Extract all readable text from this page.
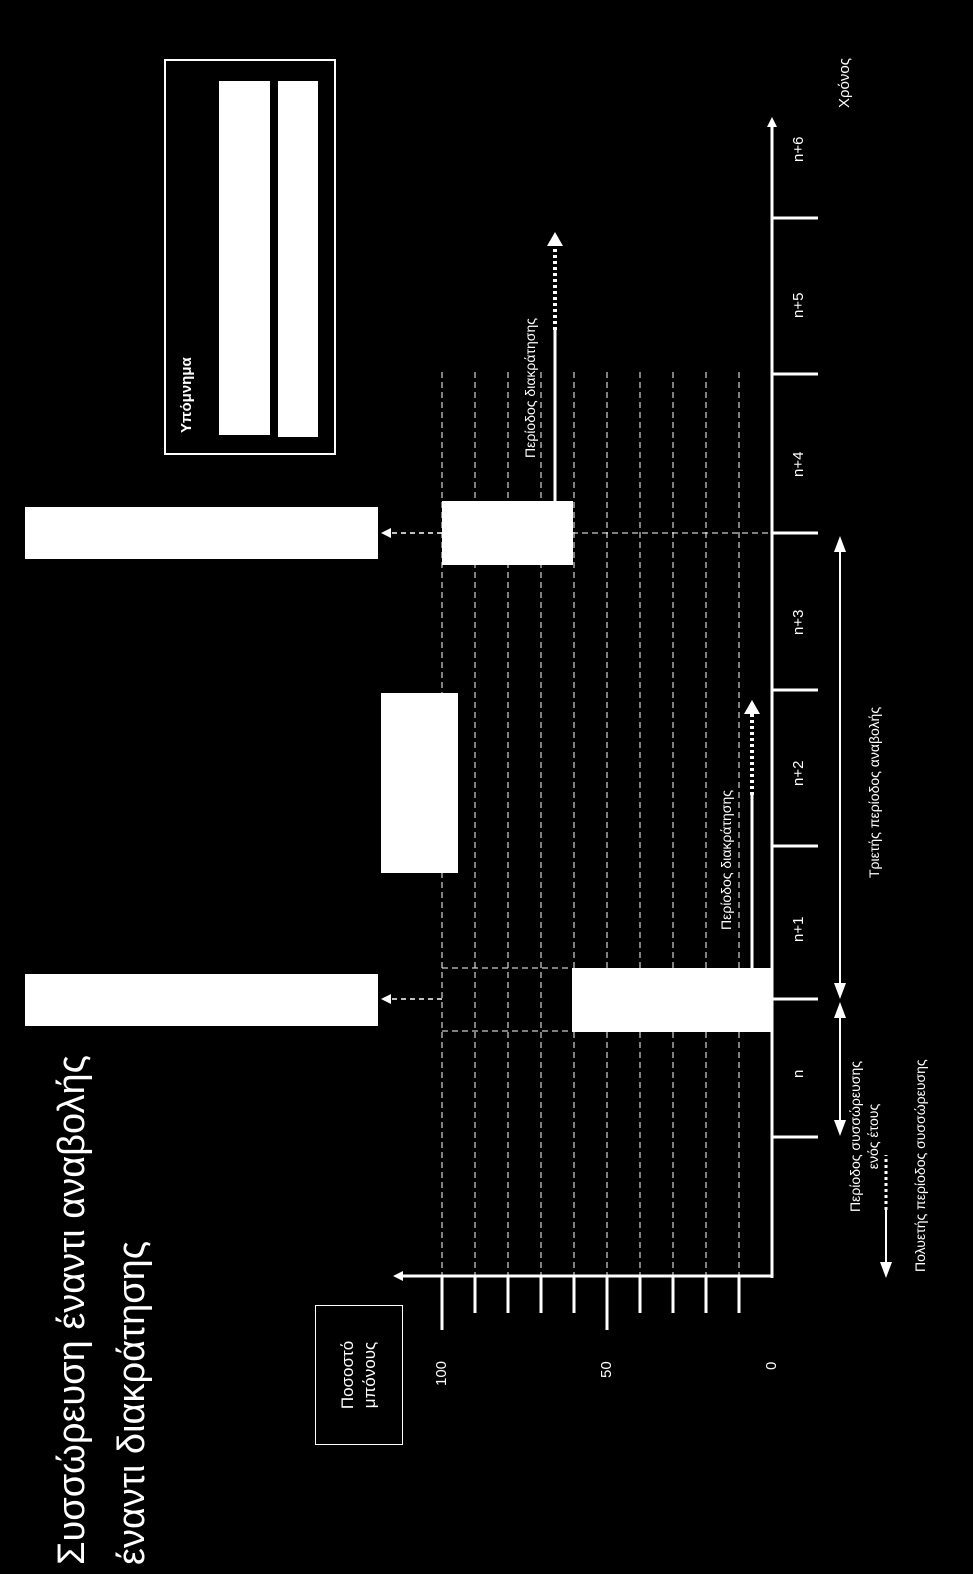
Συσσώρευση έναντι αναβολής έναντι διακράτησης	Ποσοστό μπόνους	100	50	0
n
n+1
n+2
n+3
n+4
n+5
n+6
Χρόνος
Περίοδος διακράτησης
Περίοδος διακράτησης
Τριετής περίοδος αναβολής
Περίοδος συσσώρευσης ενός έτους Πολυετής περίοδος συσσώρευσης
Υπόμνημα
